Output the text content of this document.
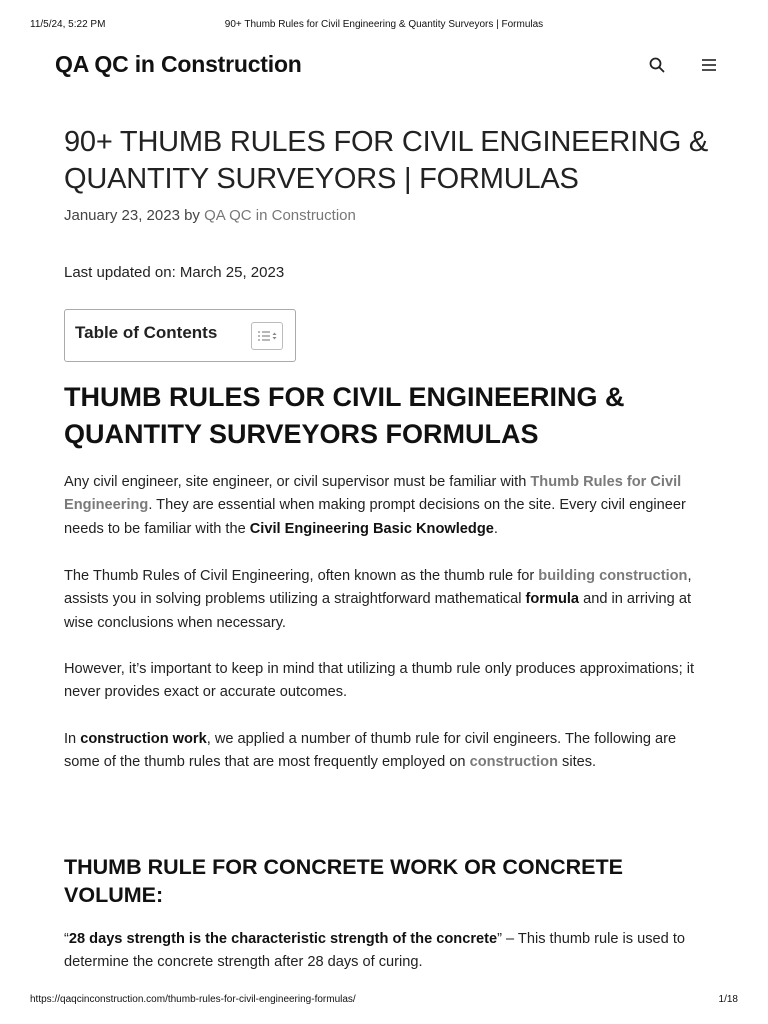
11/5/24, 5:22 PM	90+ Thumb Rules for Civil Engineering & Quantity Surveyors | Formulas
QA QC in Construction
90+ THUMB RULES FOR CIVIL ENGINEERING & QUANTITY SURVEYORS | FORMULAS
January 23, 2023 by QA QC in Construction
Last updated on: March 25, 2023
Table of Contents
THUMB RULES FOR CIVIL ENGINEERING & QUANTITY SURVEYORS FORMULAS

Any civil engineer, site engineer, or civil supervisor must be familiar with Thumb Rules for Civil Engineering. They are essential when making prompt decisions on the site. Every civil engineer needs to be familiar with the Civil Engineering Basic Knowledge.

The Thumb Rules of Civil Engineering, often known as the thumb rule for building construction, assists you in solving problems utilizing a straightforward mathematical formula and in arriving at wise conclusions when necessary.

However, it’s important to keep in mind that utilizing a thumb rule only produces approximations; it never provides exact or accurate outcomes.

In construction work, we applied a number of thumb rule for civil engineers. The following are some of the thumb rules that are most frequently employed on construction sites.

THUMB RULE FOR CONCRETE WORK OR CONCRETE VOLUME:

“28 days strength is the characteristic strength of the concrete” – This thumb rule is used to determine the concrete strength after 28 days of curing.

https://qaqcinconstruction.com/thumb-rules-for-civil-engineering-formulas/	1/18
